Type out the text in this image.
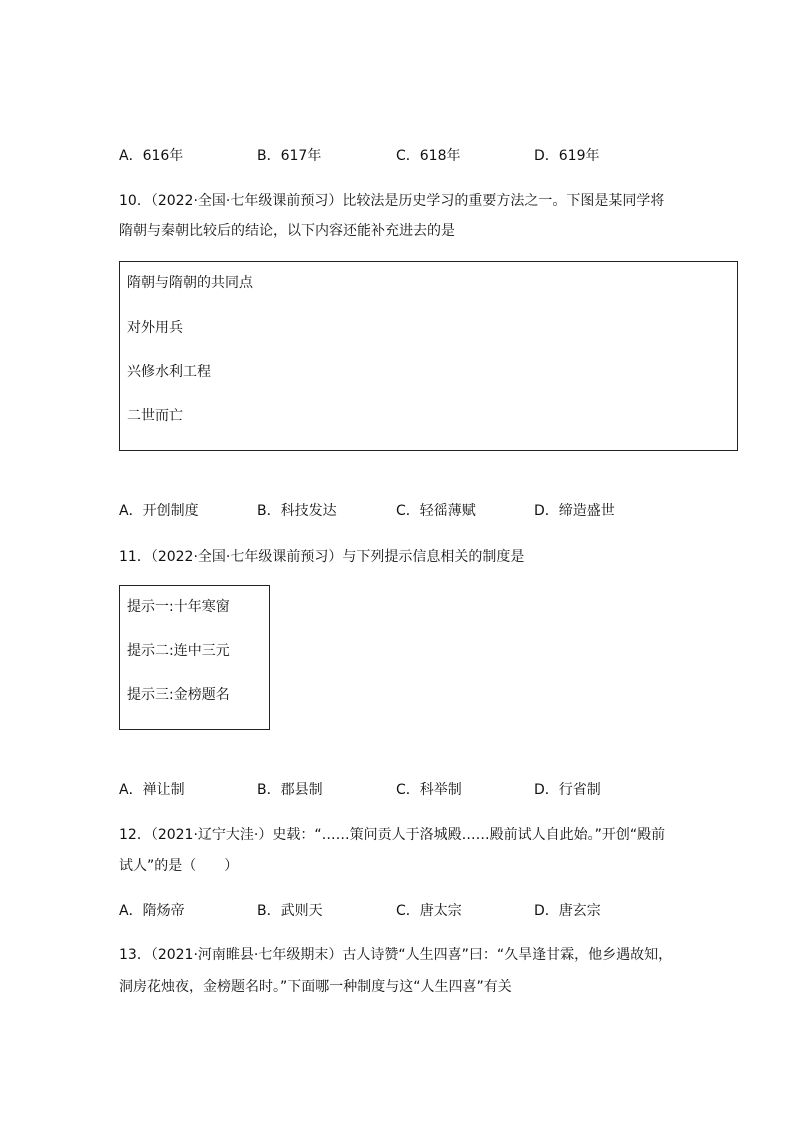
A．616年	B．617年	C．618年	D．619年
10．（2022·全国·七年级课前预习）比较法是历史学习的重要方法之一。下图是某同学将
隋朝与秦朝比较后的结论，以下内容还能补充进去的是
隋朝与隋朝的共同点
对外用兵
兴修水利工程
二世而亡
A．开创制度	B．科技发达	C．轻徭薄赋	D．缔造盛世
11．（2022·全国·七年级课前预习）与下列提示信息相关的制度是
提示一:十年寒窗
提示二:连中三元
提示三:金榜题名
A．禅让制	B．郡县制	C．科举制	D．行省制
12．（2021·辽宁大洼·）史载：“……策问贡人于洛城殿……殿前试人自此始。”开创“殿前
试人”的是（　　）
A．隋炀帝	B．武则天	C．唐太宗	D．唐玄宗
13．（2021·河南睢县·七年级期末）古人诗赞“人生四喜”曰：“久旱逢甘霖，他乡遇故知，
洞房花烛夜，金榜题名时。”下面哪一种制度与这“人生四喜”有关
